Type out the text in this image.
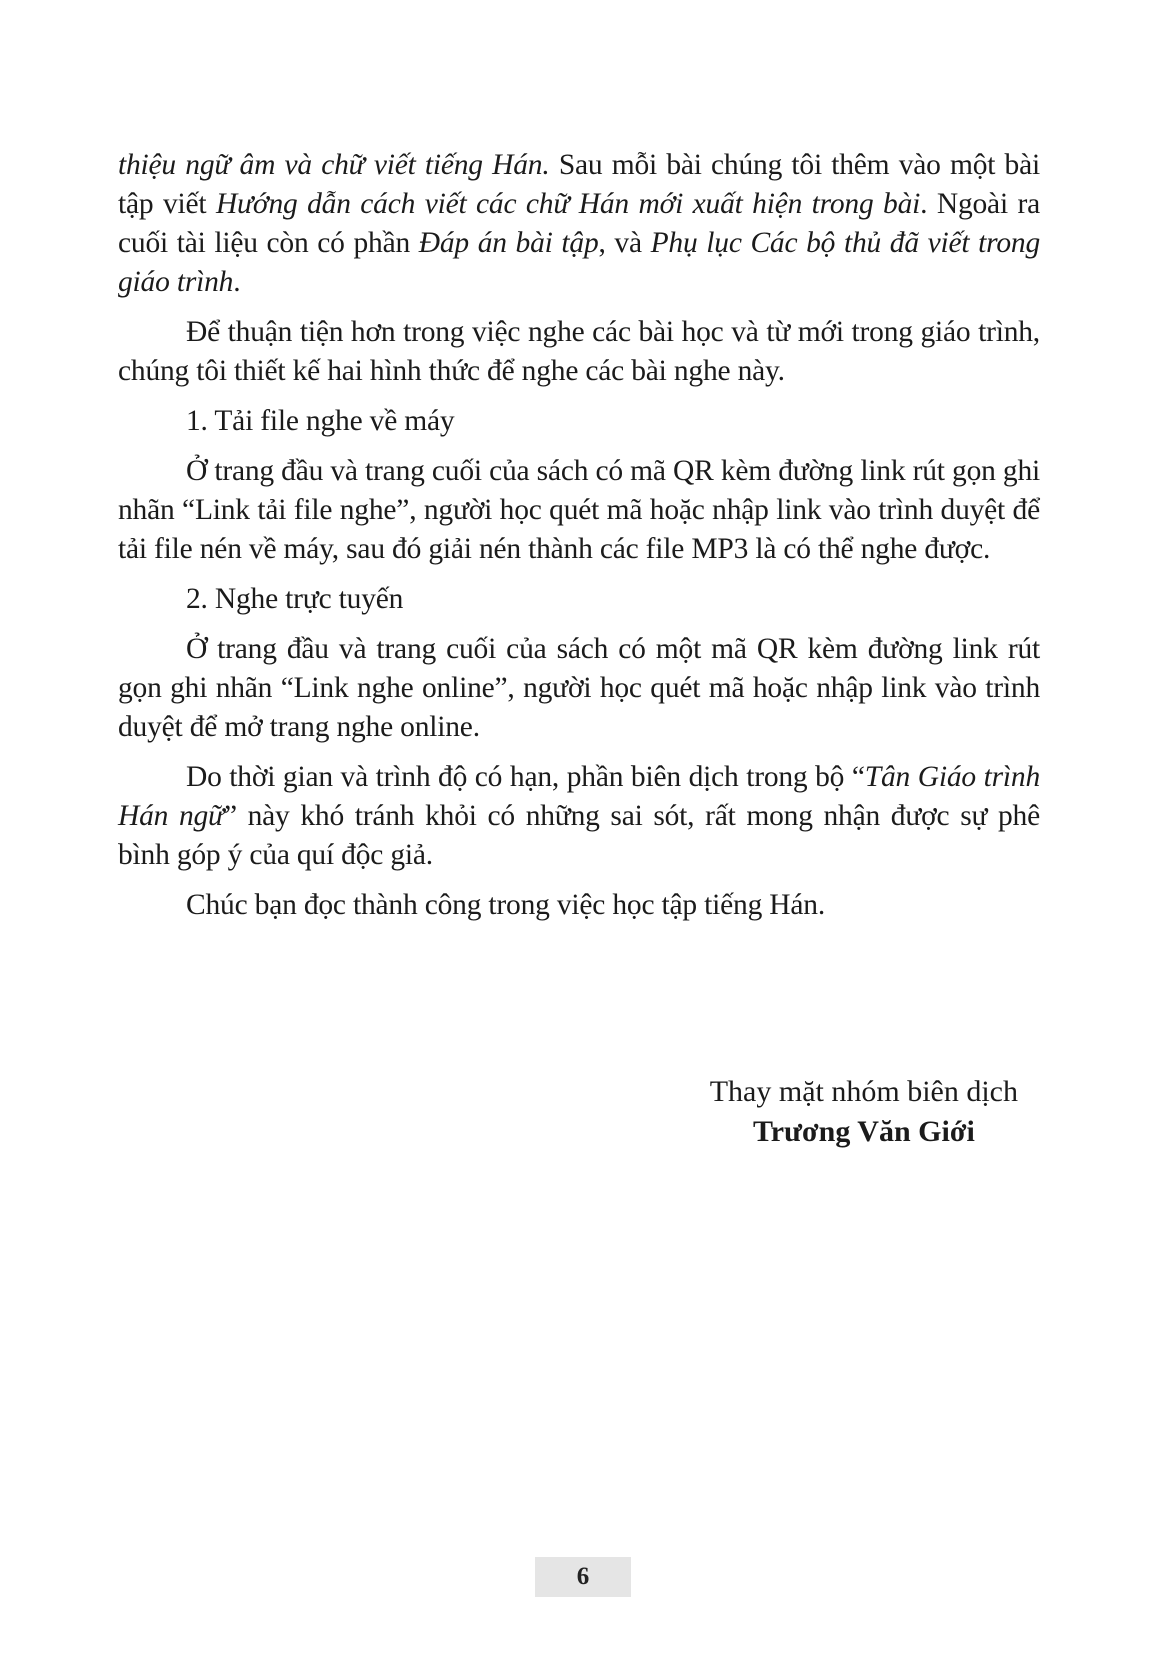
thiệu ngữ âm và chữ viết tiếng Hán. Sau mỗi bài chúng tôi thêm vào một bài tập viết Hướng dẫn cách viết các chữ Hán mới xuất hiện trong bài. Ngoài ra cuối tài liệu còn có phần Đáp án bài tập, và Phụ lục Các bộ thủ đã viết trong giáo trình.

Để thuận tiện hơn trong việc nghe các bài học và từ mới trong giáo trình, chúng tôi thiết kế hai hình thức để nghe các bài nghe này.

1. Tải file nghe về máy

Ở trang đầu và trang cuối của sách có mã QR kèm đường link rút gọn ghi nhãn “Link tải file nghe”, người học quét mã hoặc nhập link vào trình duyệt để tải file nén về máy, sau đó giải nén thành các file MP3 là có thể nghe được.

2. Nghe trực tuyến

Ở trang đầu và trang cuối của sách có một mã QR kèm đường link rút gọn ghi nhãn “Link nghe online”, người học quét mã hoặc nhập link vào trình duyệt để mở trang nghe online.

Do thời gian và trình độ có hạn, phần biên dịch trong bộ “Tân Giáo trình Hán ngữ” này khó tránh khỏi có những sai sót, rất mong nhận được sự phê bình góp ý của quí độc giả.

Chúc bạn đọc thành công trong việc học tập tiếng Hán.

Thay mặt nhóm biên dịch
Trương Văn Giới
6
